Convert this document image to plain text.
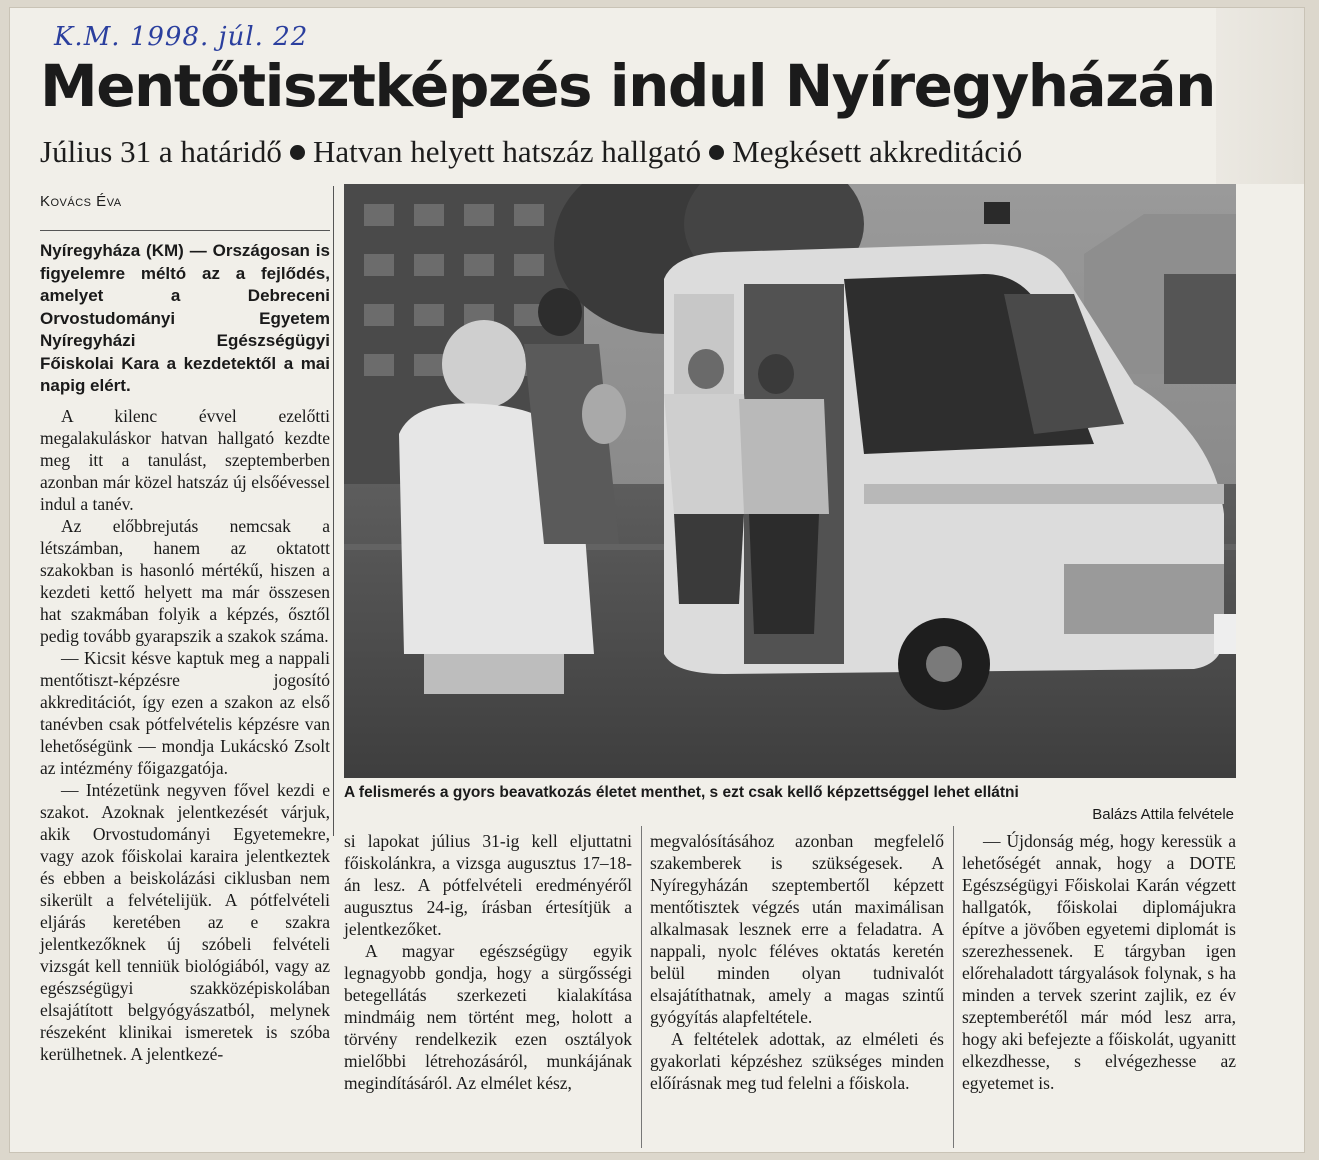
K.M. 1998. júl. 22
Mentőtisztképzés indul Nyíregyházán
Július 31 a határidő Hatvan helyett hatszáz hallgató Megkésett akkreditáció
Kovács Éva
Nyíregyháza (KM) — Országosan is figyelemre méltó az a fejlődés, amelyet a Debreceni Orvostudományi Egyetem Nyíregyházi Egészségügyi Főiskolai Kara a kezdetektől a mai napig elért.

A kilenc évvel ezelőtti megalakuláskor hatvan hallgató kezdte meg itt a tanulást, szeptemberben azonban már közel hatszáz új elsőévessel indul a tanév.

Az előbbrejutás nemcsak a létszámban, hanem az oktatott szakokban is hasonló mértékű, hiszen a kezdeti kettő helyett ma már összesen hat szakmában folyik a képzés, ősztől pedig tovább gyarapszik a szakok száma.

— Kicsit késve kaptuk meg a nappali mentőtiszt-képzésre jogosító akkreditációt, így ezen a szakon az első tanévben csak pótfelvételis képzésre van lehetőségünk — mondja Lukácskó Zsolt az intézmény főigazgatója.

— Intézetünk negyven fővel kezdi e szakot. Azoknak jelentkezését várjuk, akik Orvostudományi Egyetemekre, vagy azok főiskolai karaira jelentkeztek és ebben a beiskolázási ciklusban nem sikerült a felvételijük. A pótfelvételi eljárás keretében az e szakra jelentkezőknek új szóbeli felvételi vizsgát kell tenniük biológiából, vagy az egészségügyi szakközépiskolában elsajátított belgyógyászatból, melynek részeként klinikai ismeretek is szóba kerülhetnek. A jelentkezé-

A felismerés a gyors beavatkozás életet menthet, s ezt csak kellő képzettséggel lehet ellátni
Balázs Attila felvétele

si lapokat július 31-ig kell eljuttatni főiskolánkra, a vizsga augusztus 17–18-án lesz. A pótfelvételi eredményéről augusztus 24-ig, írásban értesítjük a jelentkezőket.

A magyar egészségügy egyik legnagyobb gondja, hogy a sürgősségi betegellátás szerkezeti kialakítása mindmáig nem történt meg, holott a törvény rendelkezik ezen osztályok mielőbbi létrehozásáról, munkájának megindításáról. Az elmélet kész,

megvalósításához azonban megfelelő szakemberek is szükségesek. A Nyíregyházán szeptembertől képzett mentőtisztek végzés után maximálisan alkalmasak lesznek erre a feladatra. A nappali, nyolc féléves oktatás keretén belül minden olyan tudnivalót elsajátíthatnak, amely a magas szintű gyógyítás alapfeltétele.

A feltételek adottak, az elméleti és gyakorlati képzéshez szükséges minden előírásnak meg tud felelni a főiskola.

— Újdonság még, hogy keressük a lehetőségét annak, hogy a DOTE Egészségügyi Főiskolai Karán végzett hallgatók, főiskolai diplomájukra építve a jövőben egyetemi diplomát is szerezhessenek. E tárgyban igen előrehaladott tárgyalások folynak, s ha minden a tervek szerint zajlik, ez év szeptemberétől már mód lesz arra, hogy aki befejezte a főiskolát, ugyanitt elkezdhesse, s elvégezhesse az egyetemet is.
